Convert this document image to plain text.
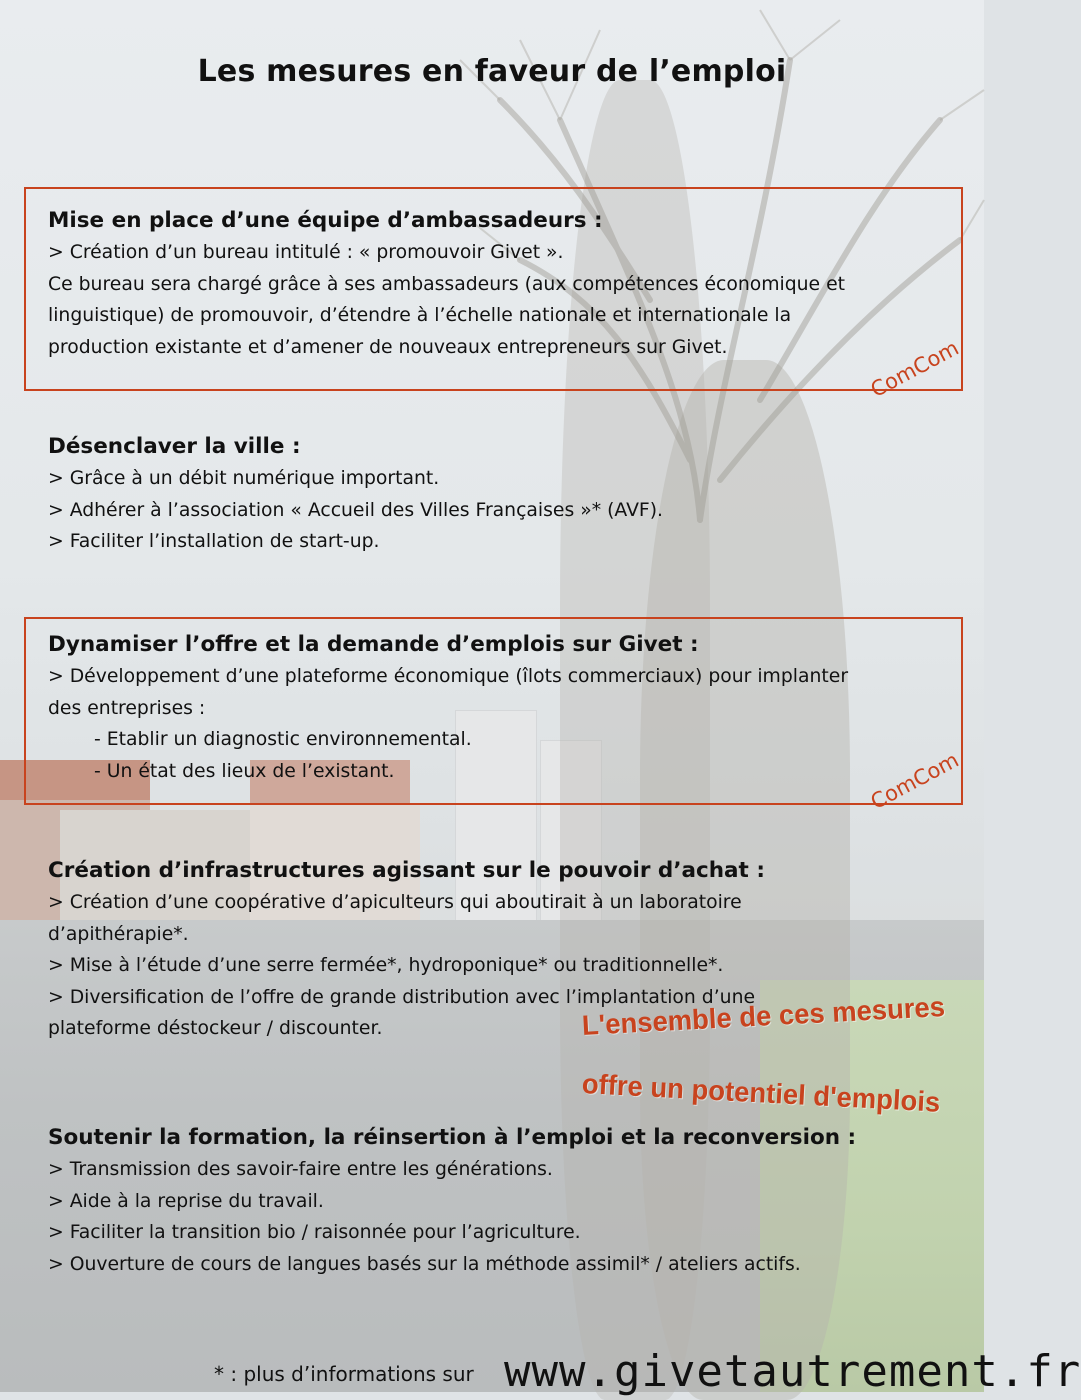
Les mesures en faveur de l’emploi
Mise en place d’une équipe d’ambassadeurs :
> Création d’un bureau intitulé : « promouvoir Givet ».
Ce bureau sera chargé grâce à ses ambassadeurs (aux compétences économique et
linguistique) de promouvoir, d’étendre à l’échelle nationale et internationale la
production existante et d’amener de nouveaux entrepreneurs sur Givet.	ComCom
Désenclaver la ville :
> Grâce à un débit numérique important.
> Adhérer à l’association « Accueil des Villes Françaises »* (AVF).
> Faciliter l’installation de start-up.
Dynamiser l’offre et la demande d’emplois sur Givet :
> Développement d’une plateforme économique (îlots commerciaux) pour implanter
des entreprises :
- Etablir un diagnostic environnemental.
- Un état des lieux de l’existant.	ComCom
Création d’infrastructures agissant sur le pouvoir d’achat :
> Création d’une coopérative d’apiculteurs qui aboutirait à un laboratoire
d’apithérapie*.
> Mise à l’étude d’une serre fermée*, hydroponique* ou traditionnelle*.
> Diversification de l’offre de grande distribution avec l’implantation d’une
plateforme déstockeur / discounter.	L'ensemble de ces mesures
offre un potentiel d'emplois
Soutenir la formation, la réinsertion à l’emploi et la reconversion :
> Transmission des savoir-faire entre les générations.
> Aide à la reprise du travail.
> Faciliter la transition bio / raisonnée pour l’agriculture.
> Ouverture de cours de langues basés sur la méthode assimil* / ateliers actifs.
* : plus d’informations sur www.givetautrement.fr
